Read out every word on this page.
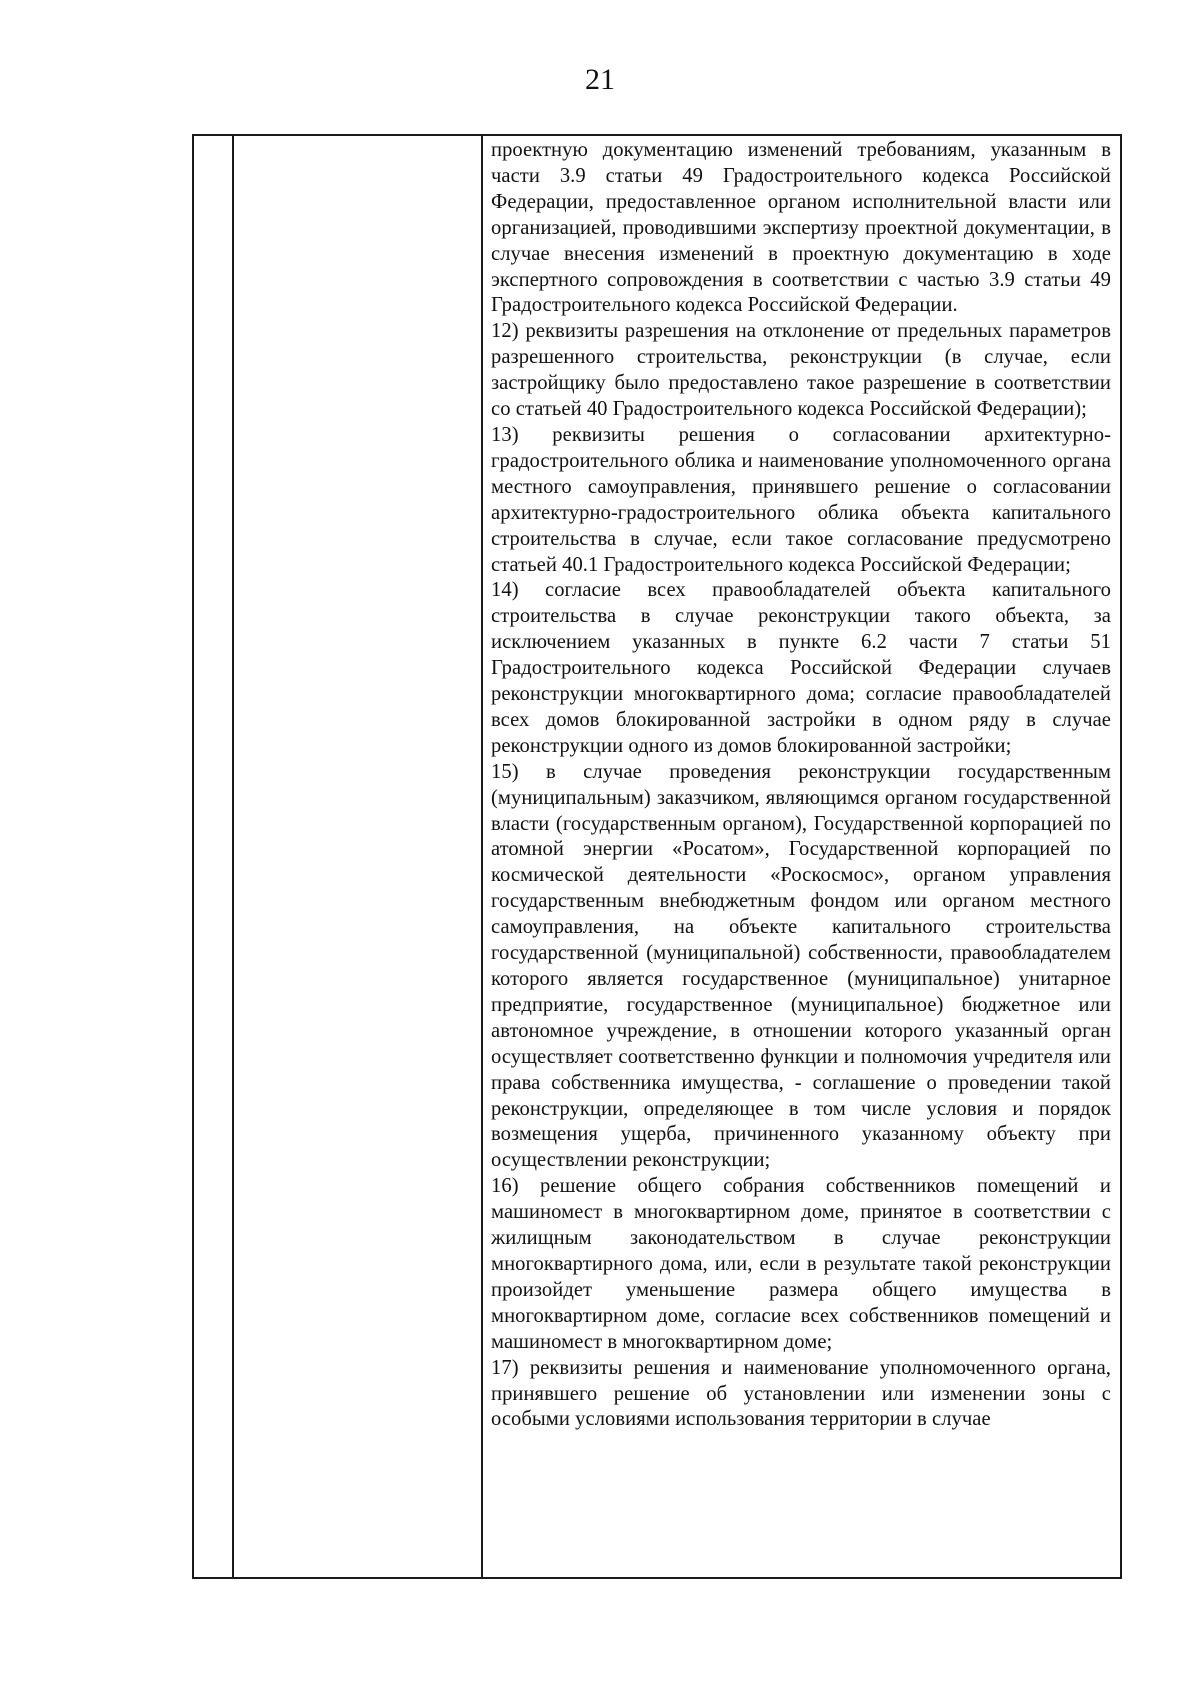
21

проектную документацию изменений требованиям, указанным в части 3.9 статьи 49 Градостроительного кодекса Российской Федерации, предоставленное органом исполнительной власти или организацией, проводившими экспертизу проектной документации, в случае внесения изменений в проектную документацию в ходе экспертного сопровождения в соответствии с частью 3.9 статьи 49 Градостроительного кодекса Российской Федерации.

12) реквизиты разрешения на отклонение от предельных параметров разрешенного строительства, реконструкции (в случае, если застройщику было предоставлено такое разрешение в соответствии со статьей 40 Градостроительного кодекса Российской Федерации);

13) реквизиты решения о согласовании архитектурно-градостроительного облика и наименование уполномоченного органа местного самоуправления, принявшего решение о согласовании архитектурно-градостроительного облика объекта капитального строительства в случае, если такое согласование предусмотрено статьей 40.1 Градостроительного кодекса Российской Федерации;

14) согласие всех правообладателей объекта капитального строительства в случае реконструкции такого объекта, за исключением указанных в пункте 6.2 части 7 статьи 51 Градостроительного кодекса Российской Федерации случаев реконструкции многоквартирного дома; согласие правообладателей всех домов блокированной застройки в одном ряду в случае реконструкции одного из домов блокированной застройки;

15) в случае проведения реконструкции государственным (муниципальным) заказчиком, являющимся органом государственной власти (государственным органом), Государственной корпорацией по атомной энергии «Росатом», Государственной корпорацией по космической деятельности «Роскосмос», органом управления государственным внебюджетным фондом или органом местного самоуправления, на объекте капитального строительства государственной (муниципальной) собственности, правообладателем которого является государственное (муниципальное) унитарное предприятие, государственное (муниципальное) бюджетное или автономное учреждение, в отношении которого указанный орган осуществляет соответственно функции и полномочия учредителя или права собственника имущества, - соглашение о проведении такой реконструкции, определяющее в том числе условия и порядок возмещения ущерба, причиненного указанному объекту при осуществлении реконструкции;

16) решение общего собрания собственников помещений и машиномест в многоквартирном доме, принятое в соответствии с жилищным законодательством в случае реконструкции многоквартирного дома, или, если в результате такой реконструкции произойдет уменьшение размера общего имущества в многоквартирном доме, согласие всех собственников помещений и машиномест в многоквартирном доме;

17) реквизиты решения и наименование уполномоченного органа, принявшего решение об установлении или изменении зоны с особыми условиями использования территории в случае
